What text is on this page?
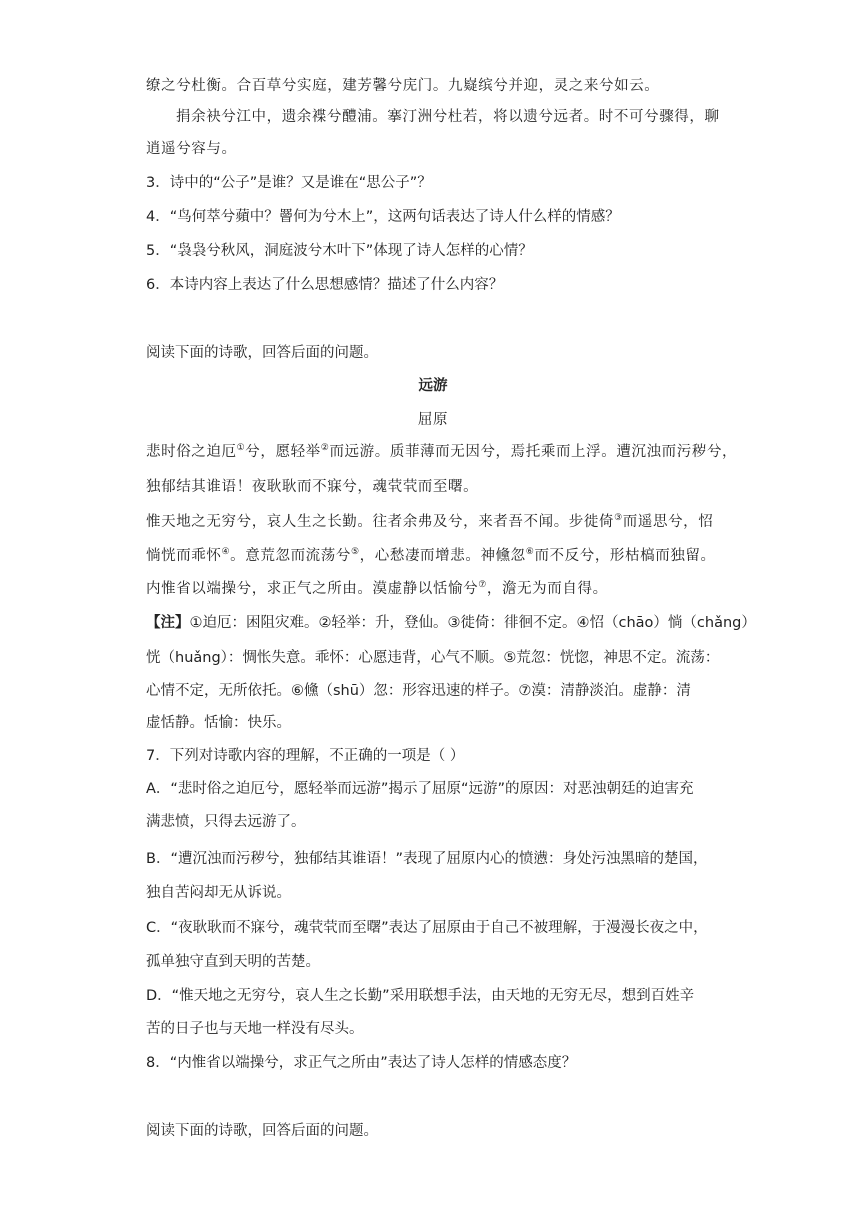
缭之兮杜衡。合百草兮实庭，建芳馨兮庑门。九嶷缤兮并迎，灵之来兮如云。
捐余袂兮江中，遗余褋兮醴浦。搴汀洲兮杜若，将以遗兮远者。时不可兮骤得，聊
逍遥兮容与。
3．诗中的“公子”是谁？又是谁在“思公子”？
4．“鸟何萃兮蘋中？罾何为兮木上”，这两句话表达了诗人什么样的情感？
5．“袅袅兮秋风，洞庭波兮木叶下”体现了诗人怎样的心情？
6．本诗内容上表达了什么思想感情？描述了什么内容？
阅读下面的诗歌，回答后面的问题。
远游
屈原
悲时俗之迫厄①兮，愿轻举②而远游。质菲薄而无因兮，焉托乘而上浮。遭沉浊而污秽兮，
独郁结其谁语！夜耿耿而不寐兮，魂茕茕而至曙。
惟天地之无穷兮，哀人生之长勤。往者余弗及兮，来者吾不闻。步徙倚③而遥思兮，怊
惝恍而乖怀④。意荒忽而流荡兮⑤，心愁凄而增悲。神儵忽⑥而不反兮，形枯槁而独留。
内惟省以端操兮，求正气之所由。漠虚静以恬愉兮⑦，澹无为而自得。
【注】①迫厄：困阻灾难。②轻举：升，登仙。③徙倚：徘徊不定。④怊（chāo）惝（chǎng）
恍（huǎng）：惆怅失意。乖怀：心愿违背，心气不顺。⑤荒忽：恍惚，神思不定。流荡：
心情不定，无所依托。⑥儵（shū）忽：形容迅速的样子。⑦漠：清静淡泊。虚静：清
虚恬静。恬愉：快乐。
7．下列对诗歌内容的理解，不正确的一项是（ ）
A．“悲时俗之迫厄兮，愿轻举而远游”揭示了屈原“远游”的原因：对恶浊朝廷的迫害充
满悲愤，只得去远游了。
B．“遭沉浊而污秽兮，独郁结其谁语！”表现了屈原内心的愤懑：身处污浊黑暗的楚国，
独自苦闷却无从诉说。
C．“夜耿耿而不寐兮，魂茕茕而至曙”表达了屈原由于自己不被理解，于漫漫长夜之中，
孤单独守直到天明的苦楚。
D．“惟天地之无穷兮，哀人生之长勤”采用联想手法，由天地的无穷无尽，想到百姓辛
苦的日子也与天地一样没有尽头。
8．“内惟省以端操兮，求正气之所由”表达了诗人怎样的情感态度？
阅读下面的诗歌，回答后面的问题。
